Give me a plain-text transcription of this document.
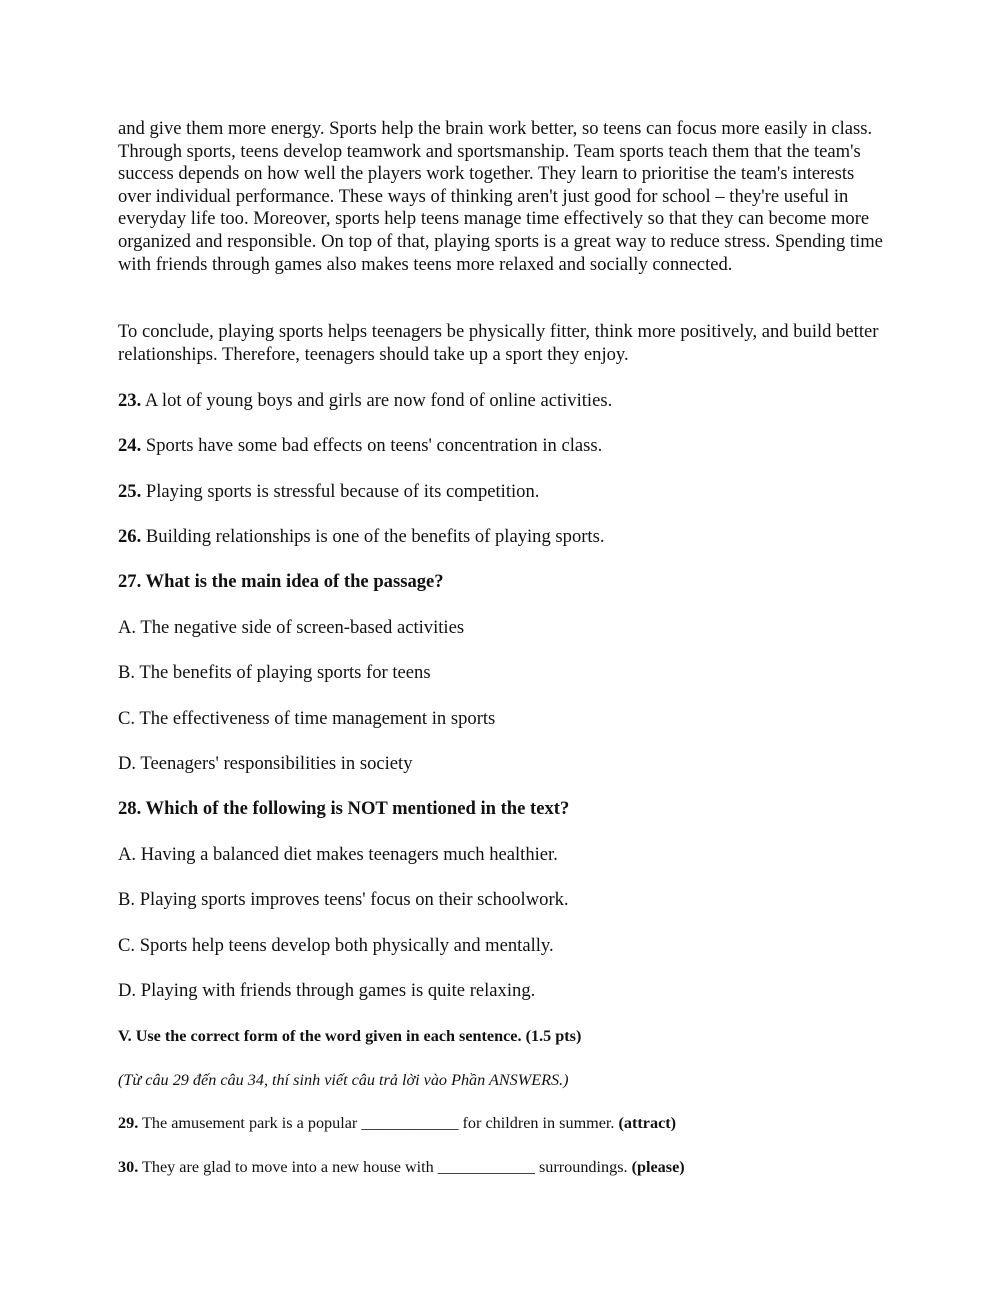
and give them more energy. Sports help the brain work better, so teens can focus more easily in class. Through sports, teens develop teamwork and sportsmanship. Team sports teach them that the team's success depends on how well the players work together. They learn to prioritise the team's interests over individual performance. These ways of thinking aren't just good for school – they're useful in everyday life too. Moreover, sports help teens manage time effectively so that they can become more organized and responsible. On top of that, playing sports is a great way to reduce stress. Spending time with friends through games also makes teens more relaxed and socially connected.
To conclude, playing sports helps teenagers be physically fitter, think more positively, and build better relationships. Therefore, teenagers should take up a sport they enjoy.
23. A lot of young boys and girls are now fond of online activities.
24. Sports have some bad effects on teens' concentration in class.
25. Playing sports is stressful because of its competition.
26. Building relationships is one of the benefits of playing sports.
27. What is the main idea of the passage?
A. The negative side of screen-based activities
B. The benefits of playing sports for teens
C. The effectiveness of time management in sports
D. Teenagers' responsibilities in society
28. Which of the following is NOT mentioned in the text?
A. Having a balanced diet makes teenagers much healthier.
B. Playing sports improves teens' focus on their schoolwork.
C. Sports help teens develop both physically and mentally.
D. Playing with friends through games is quite relaxing.
V. Use the correct form of the word given in each sentence. (1.5 pts)
(Từ câu 29 đến câu 34, thí sinh viết câu trả lời vào Phần ANSWERS.)
29. The amusement park is a popular ____________ for children in summer. (attract)
30. They are glad to move into a new house with ____________ surroundings. (please)
